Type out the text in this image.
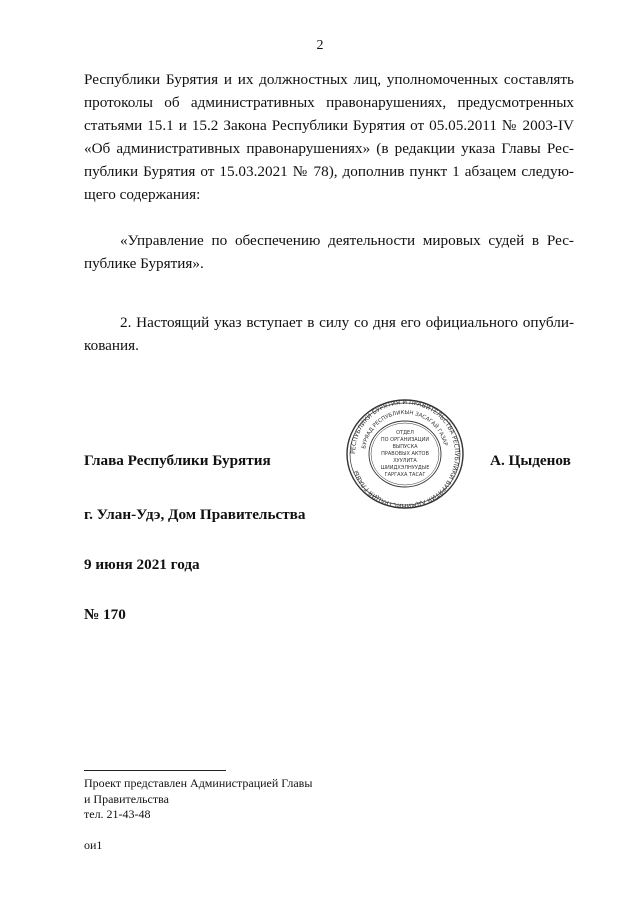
2
Республики Бурятия и их должностных лиц, уполномоченных составлять
протоколы об административных правонарушениях, предусмотренных
статьями 15.1 и 15.2 Закона Республики Бурятия от 05.05.2011 № 2003-IV
«Об административных правонарушениях» (в редакции указа Главы Рес-
публики Бурятия от 15.03.2021 № 78), дополнив пункт 1 абзацем следую-
щего содержания:
«Управление по обеспечению деятельности мировых судей в Рес-
публике Бурятия».
2. Настоящий указ вступает в силу со дня его официального опубли-
кования.
Глава Республики Бурятия	А. Цыденов
РЕСПУБЛИКИ БУРЯТИЯ И ПРАВИТЕЛЬСТВА РЕСПУБЛИКИ БУРЯТИЯ АДМИНИСТРАЦИЯ ГЛАВЫ
БУРЯАД РЕСПУБЛИКЫН ЗАСАГАЙ ГАЗАР
ОТДЕЛ
ПО ОРГАНИЗАЦИИ
ВЫПУСКА
ПРАВОВЫХ АКТОВ
ХУУЛИТА
ШИИДХЭЛНУУДЫЕ
ГАРГАХА ТАСАГ
г. Улан-Удэ, Дом Правительства
9 июня 2021 года
№ 170
Проект представлен Администрацией Главы
и Правительства
тел. 21-43-48
ои1
